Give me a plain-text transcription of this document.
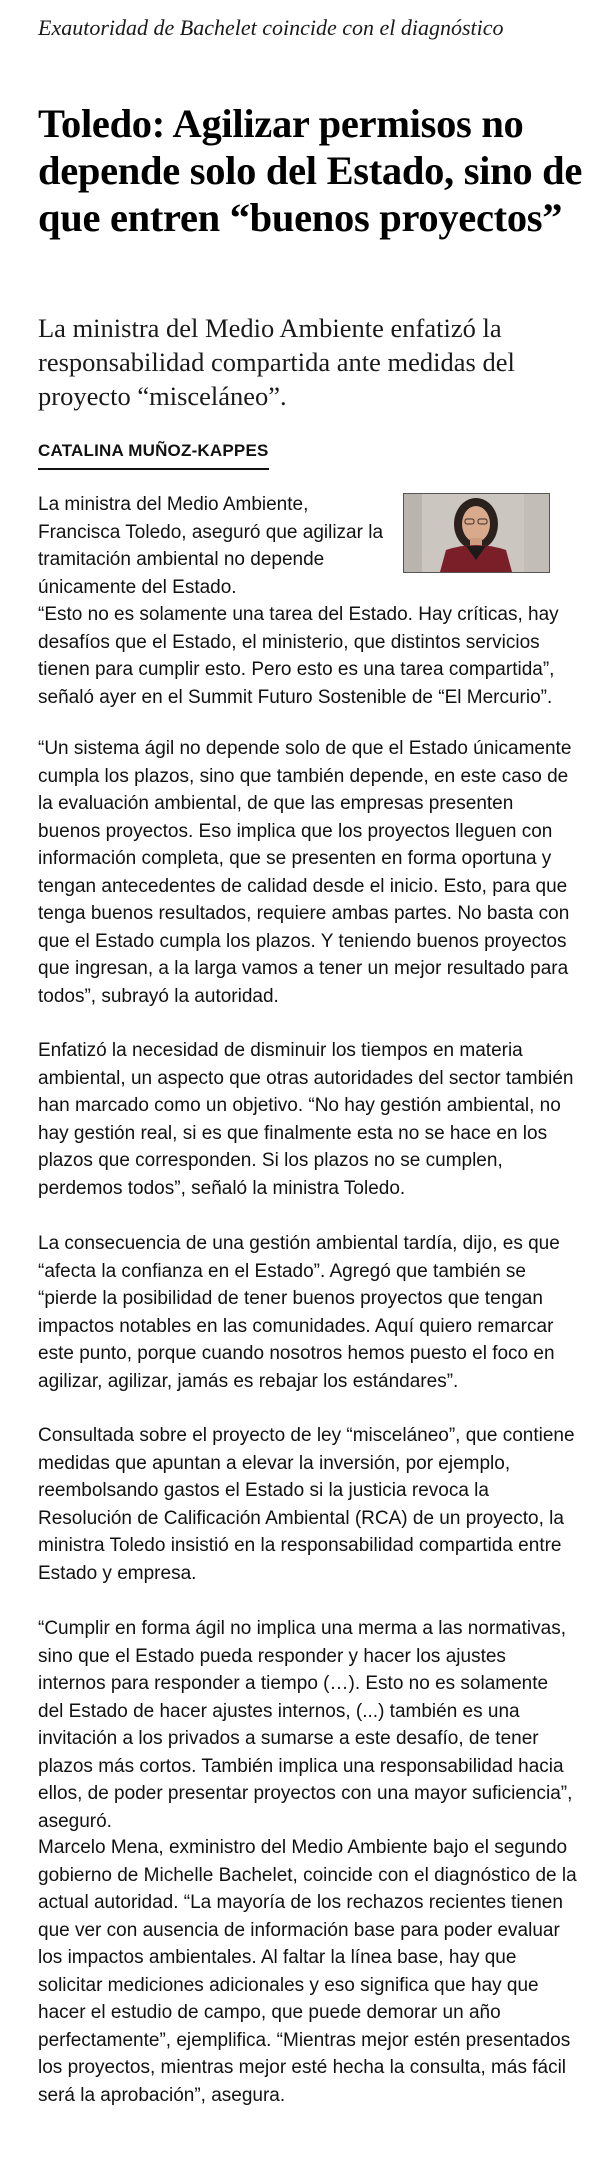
Exautoridad de Bachelet coincide con el diagnóstico
Toledo: Agilizar permisos no depende solo del Estado, sino de que entren “buenos proyectos”
La ministra del Medio Ambiente enfatizó la responsabilidad compartida ante medidas del proyecto “misceláneo”.
CATALINA MUÑOZ-KAPPES

La ministra del Medio Ambiente, Francisca Toledo, aseguró que agilizar la tramitación ambiental no depende únicamente del Estado.

“Esto no es solamente una tarea del Estado. Hay críticas, hay desafíos que el Estado, el ministerio, que distintos servicios tienen para cumplir esto. Pero esto es una tarea compartida”, señaló ayer en el Summit Futuro Sostenible de “El Mercurio”.

“Un sistema ágil no depende solo de que el Estado únicamente cumpla los plazos, sino que también depende, en este caso de la evaluación ambiental, de que las empresas presenten buenos proyectos. Eso implica que los proyectos lleguen con información completa, que se presenten en forma oportuna y tengan antecedentes de calidad desde el inicio. Esto, para que tenga buenos resultados, requiere ambas partes. No basta con que el Estado cumpla los plazos. Y teniendo buenos proyectos que ingresan, a la larga vamos a tener un mejor resultado para todos”, subrayó la autoridad.

Enfatizó la necesidad de disminuir los tiempos en materia ambiental, un aspecto que otras autoridades del sector también han marcado como un objetivo. “No hay gestión ambiental, no hay gestión real, si es que finalmente esta no se hace en los plazos que corresponden. Si los plazos no se cumplen, perdemos todos”, señaló la ministra Toledo.

La consecuencia de una gestión ambiental tardía, dijo, es que “afecta la confianza en el Estado”. Agregó que también se “pierde la posibilidad de tener buenos proyectos que tengan impactos notables en las comunidades. Aquí quiero remarcar este punto, porque cuando nosotros hemos puesto el foco en agilizar, agilizar, jamás es rebajar los estándares”.

Consultada sobre el proyecto de ley “misceláneo”, que contiene medidas que apuntan a elevar la inversión, por ejemplo, reembolsando gastos el Estado si la justicia revoca la Resolución de Calificación Ambiental (RCA) de un proyecto, la ministra Toledo insistió en la responsabilidad compartida entre Estado y empresa.

“Cumplir en forma ágil no implica una merma a las normativas, sino que el Estado pueda responder y hacer los ajustes internos para responder a tiempo (…). Esto no es solamente del Estado de hacer ajustes internos, (...) también es una invitación a los privados a sumarse a este desafío, de tener plazos más cortos. También implica una responsabilidad hacia ellos, de poder presentar proyectos con una mayor suficiencia”, aseguró.

Marcelo Mena, exministro del Medio Ambiente bajo el segundo gobierno de Michelle Bachelet, coincide con el diagnóstico de la actual autoridad. “La mayoría de los rechazos recientes tienen que ver con ausencia de información base para poder evaluar los impactos ambientales. Al faltar la línea base, hay que solicitar mediciones adicionales y eso significa que hay que hacer el estudio de campo, que puede demorar un año perfectamente”, ejemplifica. “Mientras mejor estén presentados los proyectos, mientras mejor esté hecha la consulta, más fácil será la aprobación”, asegura.
